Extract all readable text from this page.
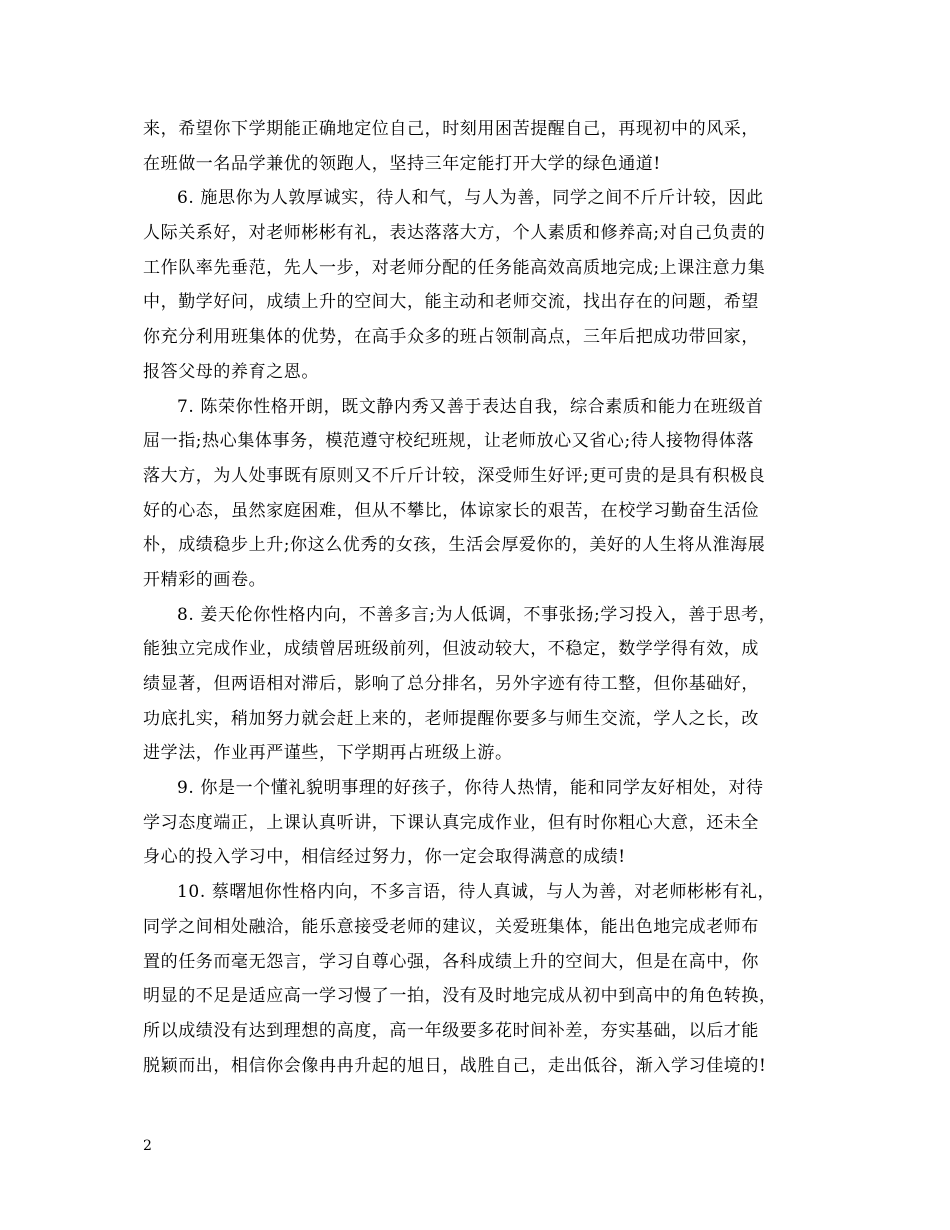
来，希望你下学期能正确地定位自己，时刻用困苦提醒自己，再现初中的风采，
在班做一名品学兼优的领跑人，坚持三年定能打开大学的绿色通道!
6. 施思你为人敦厚诚实，待人和气，与人为善，同学之间不斤斤计较，因此
人际关系好，对老师彬彬有礼，表达落落大方，个人素质和修养高;对自己负责的
工作队率先垂范，先人一步，对老师分配的任务能高效高质地完成;上课注意力集
中，勤学好问，成绩上升的空间大，能主动和老师交流，找出存在的问题，希望
你充分利用班集体的优势，在高手众多的班占领制高点，三年后把成功带回家，
报答父母的养育之恩。
7. 陈荣你性格开朗，既文静内秀又善于表达自我，综合素质和能力在班级首
屈一指;热心集体事务，模范遵守校纪班规，让老师放心又省心;待人接物得体落
落大方，为人处事既有原则又不斤斤计较，深受师生好评;更可贵的是具有积极良
好的心态，虽然家庭困难，但从不攀比，体谅家长的艰苦，在校学习勤奋生活俭
朴，成绩稳步上升;你这么优秀的女孩，生活会厚爱你的，美好的人生将从淮海展
开精彩的画卷。
8. 姜天伦你性格内向，不善多言;为人低调，不事张扬;学习投入，善于思考，
能独立完成作业，成绩曾居班级前列，但波动较大，不稳定，数学学得有效，成
绩显著，但两语相对滞后，影响了总分排名，另外字迹有待工整，但你基础好，
功底扎实，稍加努力就会赶上来的，老师提醒你要多与师生交流，学人之长，改
进学法，作业再严谨些，下学期再占班级上游。
9. 你是一个懂礼貌明事理的好孩子，你待人热情，能和同学友好相处，对待
学习态度端正，上课认真听讲，下课认真完成作业，但有时你粗心大意，还未全
身心的投入学习中，相信经过努力，你一定会取得满意的成绩!
10. 蔡曙旭你性格内向，不多言语，待人真诚，与人为善，对老师彬彬有礼，
同学之间相处融洽，能乐意接受老师的建议，关爱班集体，能出色地完成老师布
置的任务而毫无怨言，学习自尊心强，各科成绩上升的空间大，但是在高中，你
明显的不足是适应高一学习慢了一拍，没有及时地完成从初中到高中的角色转换，
所以成绩没有达到理想的高度，高一年级要多花时间补差，夯实基础，以后才能
脱颖而出，相信你会像冉冉升起的旭日，战胜自己，走出低谷，渐入学习佳境的!
2
